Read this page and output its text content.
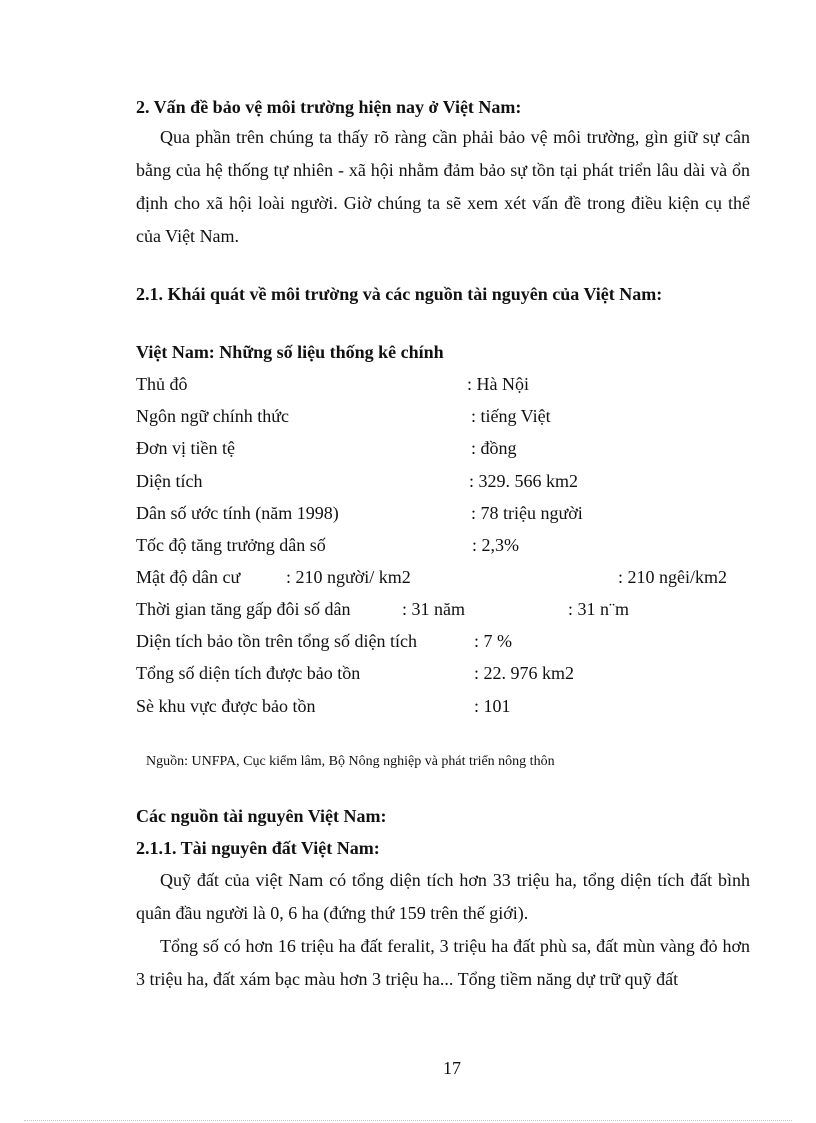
2. Vấn đề bảo vệ môi trường hiện nay ở Việt Nam:
Qua phần trên chúng ta thấy rõ ràng cần phải bảo vệ môi trường, gìn giữ sự cân bằng của hệ thống tự nhiên - xã hội nhằm đảm bảo sự tồn tại phát triển lâu dài và ổn định cho xã hội loài người. Giờ chúng ta sẽ xem xét vấn đề trong điều kiện cụ thể của Việt Nam.
2.1. Khái quát về môi trường và các nguồn tài nguyên của Việt Nam:
Việt Nam: Những số liệu thống kê chính
Thủ đô	: Hà Nội
Ngôn ngữ chính thức	: tiếng Việt
Đơn vị tiền tệ	: đồng
Diện tích	: 329. 566 km2
Dân số ước tính (năm 1998)	: 78 triệu người
Tốc độ tăng trưởng dân số	: 2,3%
Mật độ dân cư	: 210 người/ km2	: 210 ngêi/km2
Thời gian tăng gấp đôi số dân	: 31 năm	: 31 n¨m
Diện tích bảo tồn trên tổng số diện tích	: 7 %
Tổng số diện tích được bảo tồn	: 22. 976 km2
Sè khu vực được bảo tồn	: 101
Nguồn: UNFPA, Cục kiểm lâm, Bộ Nông nghiệp và phát triển nông thôn
Các nguồn tài nguyên Việt Nam:
2.1.1. Tài nguyên đất Việt Nam:
Quỹ đất của việt Nam có tổng diện tích hơn 33 triệu ha, tổng diện tích đất bình quân đầu người là 0, 6 ha (đứng thứ 159 trên thế giới).
Tổng số có hơn 16 triệu ha đất feralit, 3 triệu ha đất phù sa, đất mùn vàng đỏ hơn 3 triệu ha, đất xám bạc màu hơn 3 triệu ha... Tổng tiềm năng dự trữ quỹ đất
17
